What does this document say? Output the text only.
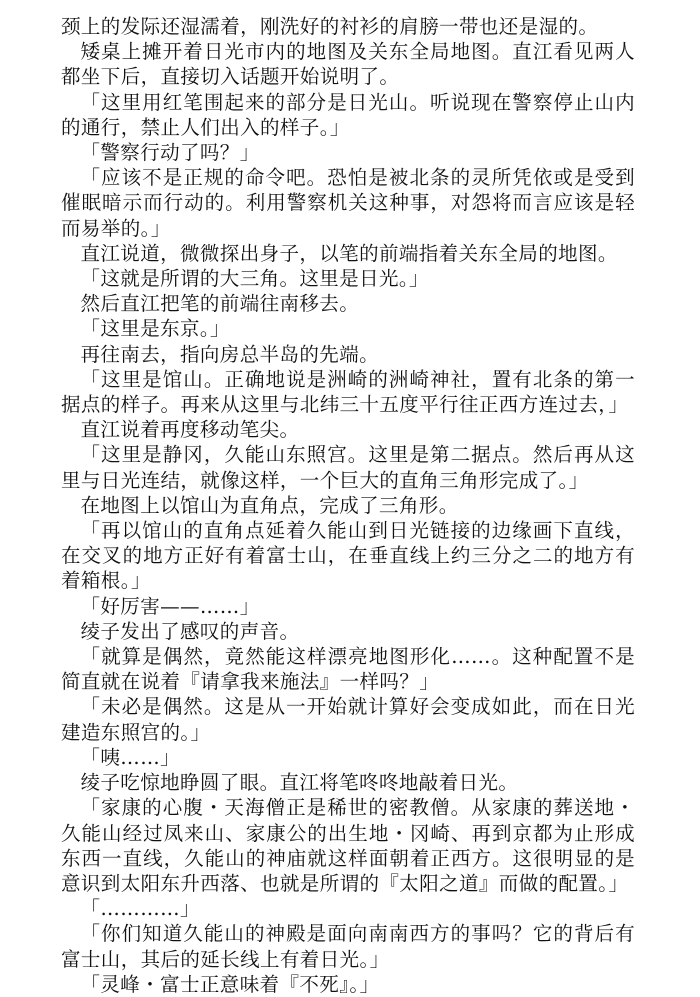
颈上的发际还湿濡着，刚洗好的衬衫的肩膀一带也还是湿的。

矮桌上摊开着日光市内的地图及关东全局地图。直江看见两人都坐下后，直接切入话题开始说明了。

「这里用红笔围起来的部分是日光山。听说现在警察停止山内的通行，禁止人们出入的样子。」

「警察行动了吗？」

「应该不是正规的命令吧。恐怕是被北条的灵所凭依或是受到催眠暗示而行动的。利用警察机关这种事，对怨将而言应该是轻而易举的。」

直江说道，微微探出身子，以笔的前端指着关东全局的地图。

「这就是所谓的大三角。这里是日光。」

然后直江把笔的前端往南移去。

「这里是东京。」

再往南去，指向房总半岛的先端。

「这里是馆山。正确地说是洲崎的洲崎神社，置有北条的第一据点的样子。再来从这里与北纬三十五度平行往正西方连过去，」

直江说着再度移动笔尖。

「这里是静冈，久能山东照宫。这里是第二据点。然后再从这里与日光连结，就像这样，一个巨大的直角三角形完成了。」

在地图上以馆山为直角点，完成了三角形。

「再以馆山的直角点延着久能山到日光链接的边缘画下直线，在交叉的地方正好有着富士山，在垂直线上约三分之二的地方有着箱根。」

「好厉害——……」

绫子发出了感叹的声音。

「就算是偶然，竟然能这样漂亮地图形化……。这种配置不是简直就在说着『请拿我来施法』一样吗？」

「未必是偶然。这是从一开始就计算好会变成如此，而在日光建造东照宫的。」

「咦……」

绫子吃惊地睁圆了眼。直江将笔咚咚地敲着日光。

「家康的心腹・天海僧正是稀世的密教僧。从家康的葬送地・久能山经过凤来山、家康公的出生地・冈崎、再到京都为止形成东西一直线，久能山的神庙就这样面朝着正西方。这很明显的是意识到太阳东升西落、也就是所谓的『太阳之道』而做的配置。」

「…………」

「你们知道久能山的神殿是面向南南西方的事吗？它的背后有富士山，其后的延长线上有着日光。」

「灵峰・富士正意味着『不死』。」
